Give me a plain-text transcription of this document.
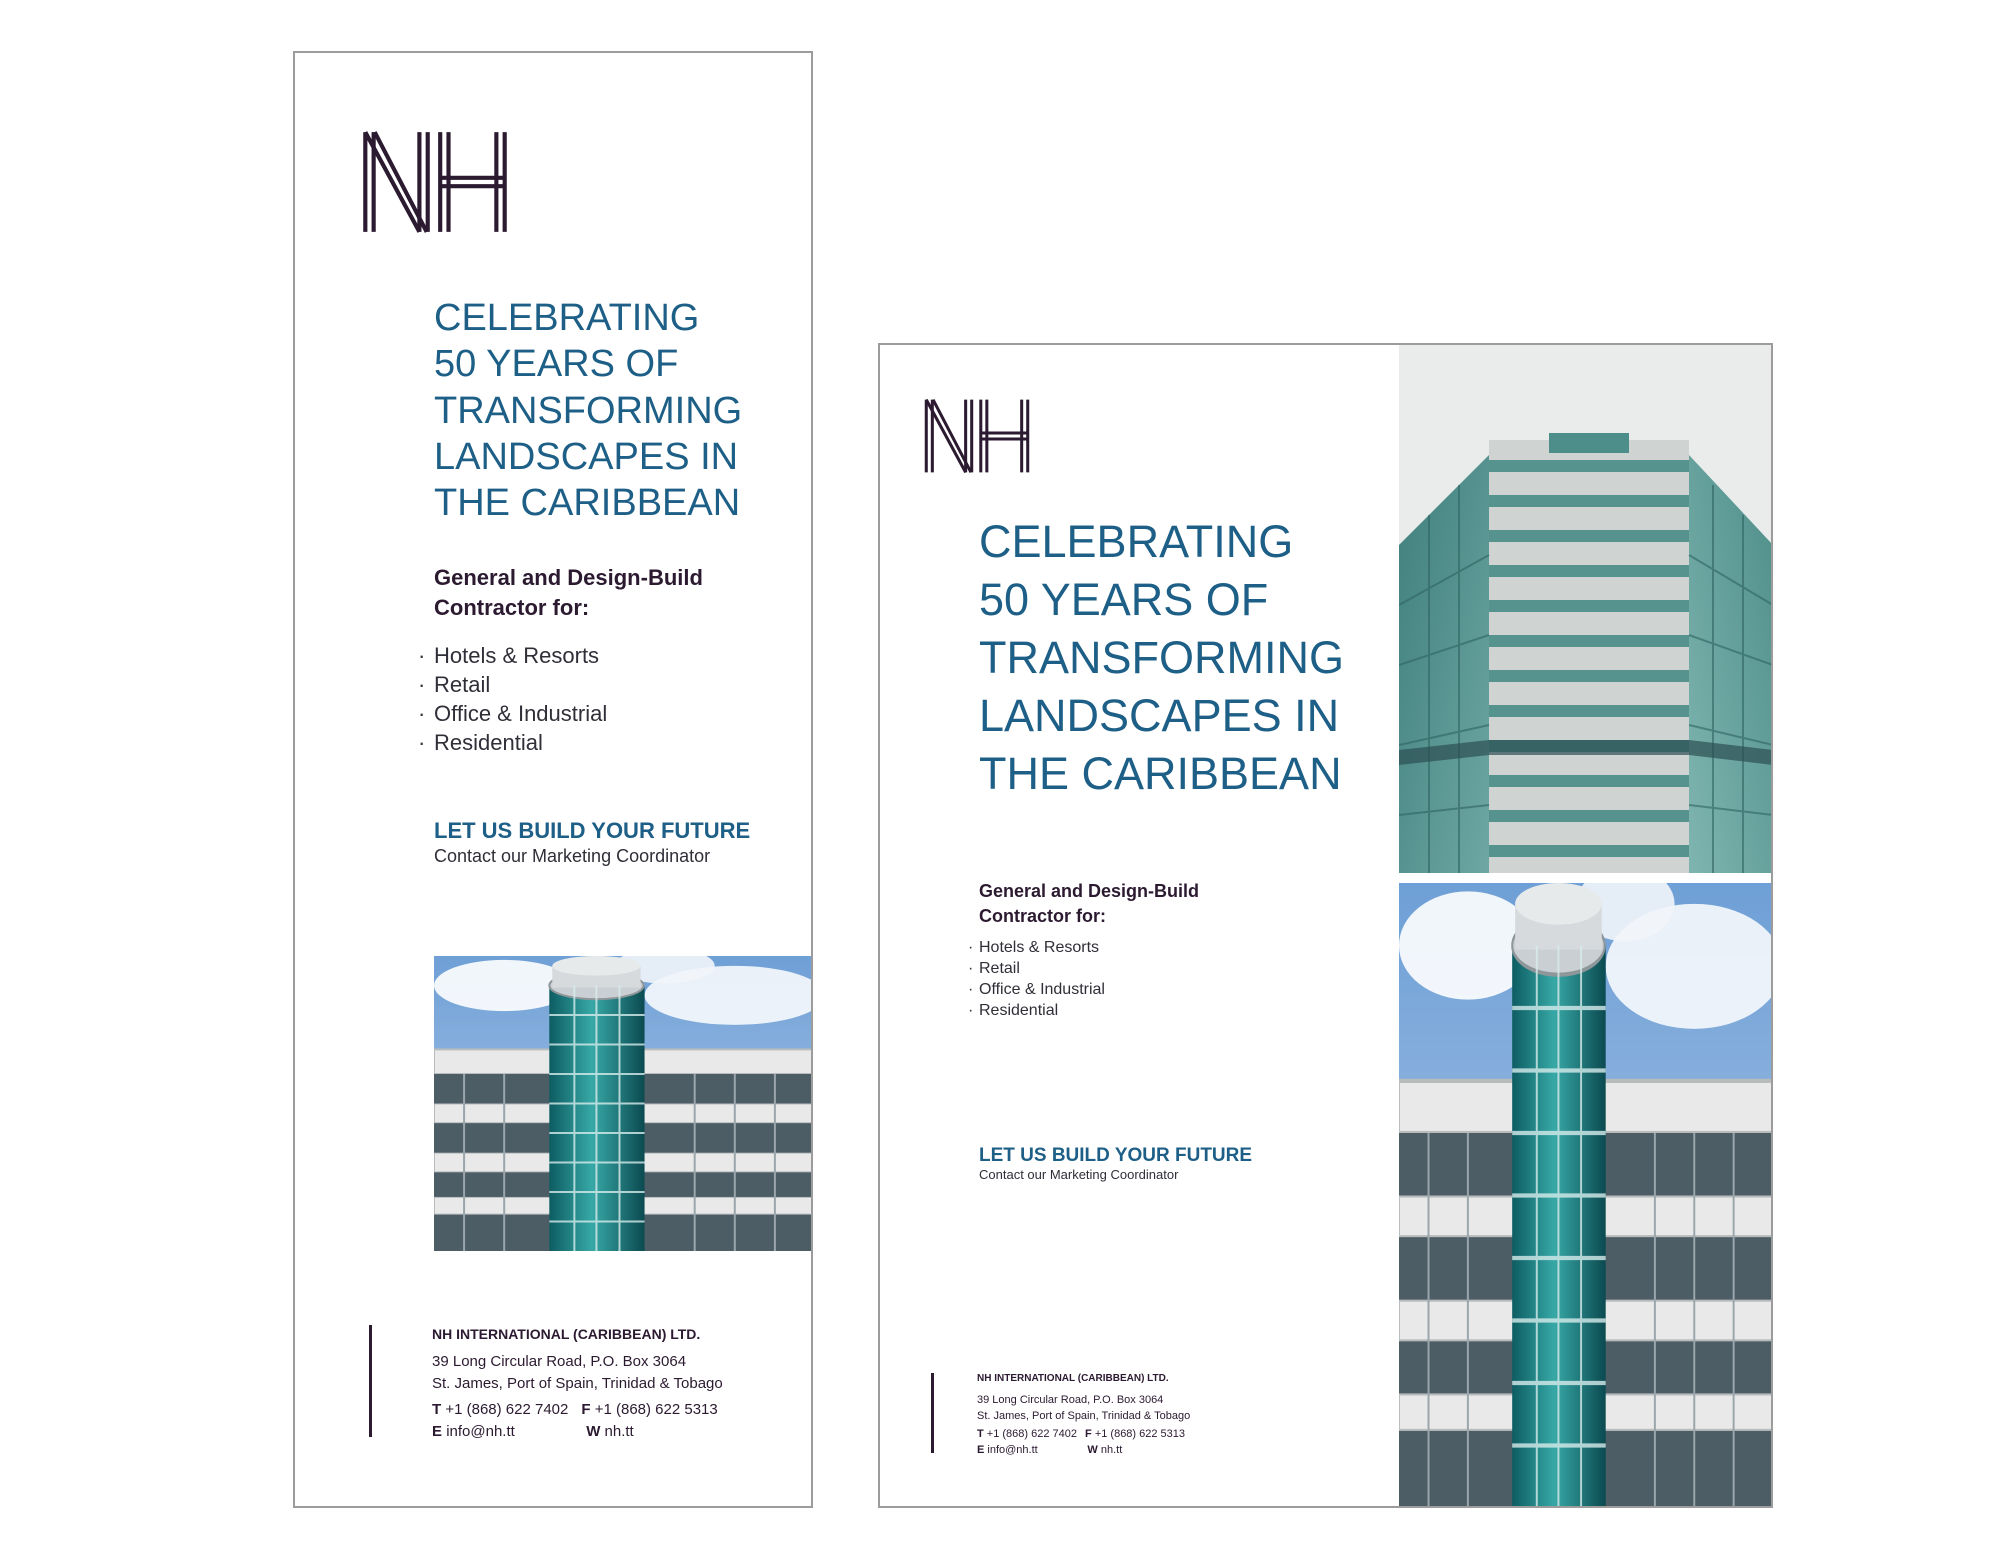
CELEBRATING
50 YEARS OF
TRANSFORMING
LANDSCAPES IN
THE CARIBBEAN
General and Design-Build
Contractor for:
· Hotels & Resorts
· Retail
· Office & Industrial
· Residential
LET US BUILD YOUR FUTURE
Contact our Marketing Coordinator
NH INTERNATIONAL (CARIBBEAN) LTD.
39 Long Circular Road, P.O. Box 3064
St. James, Port of Spain, Trinidad & Tobago
T
+1 (868) 622 7402 F
+1 (868) 622 5313
E
info@nh.tt	W
nh.tt
CELEBRATING
50 YEARS OF
TRANSFORMING
LANDSCAPES IN
THE CARIBBEAN
General and Design-Build
Contractor for:
· Hotels & Resorts
· Retail
· Office & Industrial
· Residential
LET US BUILD YOUR FUTURE
Contact our Marketing Coordinator
NH INTERNATIONAL (CARIBBEAN) LTD.
39 Long Circular Road, P.O. Box 3064
St. James, Port of Spain, Trinidad & Tobago
T
+1 (868) 622 7402 F
+1 (868) 622 5313
E
info@nh.tt	W
nh.tt
